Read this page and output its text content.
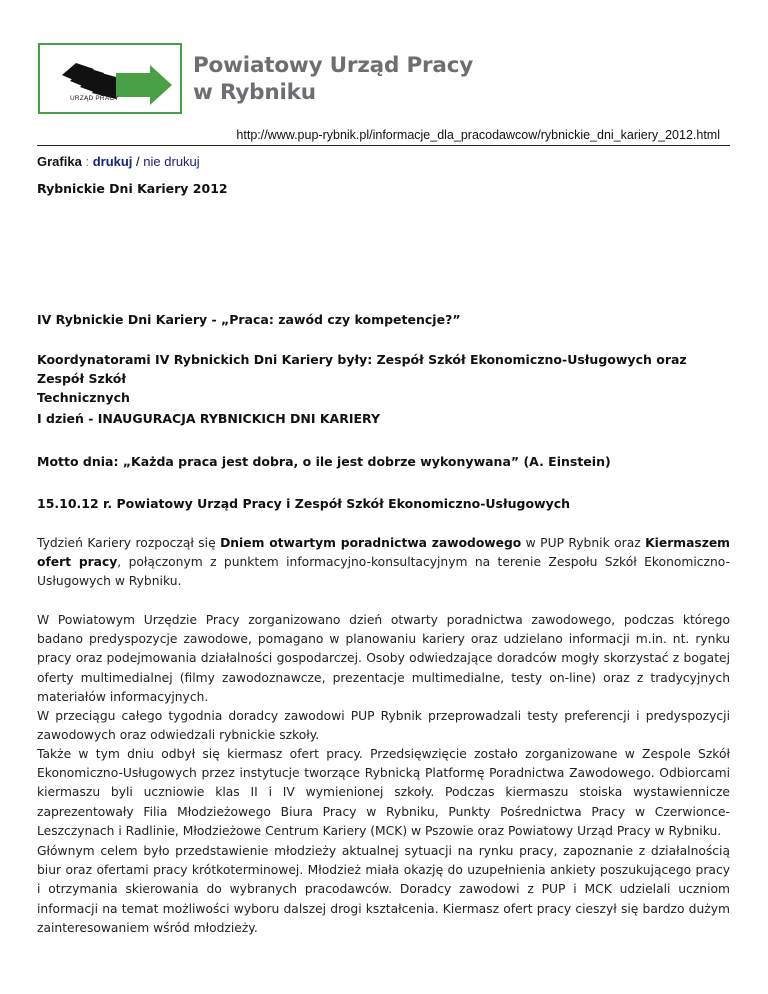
URZĄD PRACY
Powiatowy Urząd Pracy
w Rybniku
http://www.pup-rybnik.pl/informacje_dla_pracodawcow/rybnickie_dni_kariery_2012.html
Grafika : drukuj / nie drukuj
Rybnickie Dni Kariery 2012

IV Rybnickie Dni Kariery - „Praca: zawód czy kompetencje?”

Koordynatorami IV Rybnickich Dni Kariery były: Zespół Szkół Ekonomiczno-Usługowych oraz Zespół Szkół
Technicznych

I dzień - INAUGURACJA RYBNICKICH DNI KARIERY

Motto dnia: „Każda praca jest dobra, o ile jest dobrze wykonywana” (A. Einstein)

15.10.12 r. Powiatowy Urząd Pracy i Zespół Szkół Ekonomiczno-Usługowych

Tydzień Kariery rozpoczął się Dniem otwartym poradnictwa zawodowego w PUP Rybnik oraz Kiermaszem ofert pracy, połączonym z punktem informacyjno-konsultacyjnym na terenie Zespołu Szkół Ekonomiczno-Usługowych w Rybniku.

W Powiatowym Urzędzie Pracy zorganizowano dzień otwarty poradnictwa zawodowego, podczas którego badano predyspozycje zawodowe, pomagano w planowaniu kariery oraz udzielano informacji m.in. nt. rynku pracy oraz podejmowania działalności gospodarczej. Osoby odwiedzające doradców mogły skorzystać z bogatej oferty multimedialnej (filmy zawodoznawcze, prezentacje multimedialne, testy on-line) oraz z tradycyjnych materiałów informacyjnych.
W przeciągu całego tygodnia doradcy zawodowi PUP Rybnik przeprowadzali testy preferencji i predyspozycji zawodowych oraz odwiedzali rybnickie szkoły.

Także w tym dniu odbył się kiermasz ofert pracy. Przedsięwzięcie zostało zorganizowane w Zespole Szkół Ekonomiczno-Usługowych przez instytucje tworzące Rybnicką Platformę Poradnictwa Zawodowego. Odbiorcami kiermaszu byli uczniowie klas II i IV wymienionej szkoły. Podczas kiermaszu stoiska wystawiennicze zaprezentowały Filia Młodzieżowego Biura Pracy w Rybniku, Punkty Pośrednictwa Pracy w Czerwionce-Leszczynach i Radlinie, Młodzieżowe Centrum Kariery (MCK) w Pszowie oraz Powiatowy Urząd Pracy w Rybniku.

Głównym celem było przedstawienie młodzieży aktualnej sytuacji na rynku pracy, zapoznanie z działalnością biur oraz ofertami pracy krótkoterminowej. Młodzież miała okazję do uzupełnienia ankiety poszukującego pracy i otrzymania skierowania do wybranych pracodawców. Doradcy zawodowi z PUP i MCK udzielali uczniom informacji na temat możliwości wyboru dalszej drogi kształcenia. Kiermasz ofert pracy cieszył się bardzo dużym zainteresowaniem wśród młodzieży.
